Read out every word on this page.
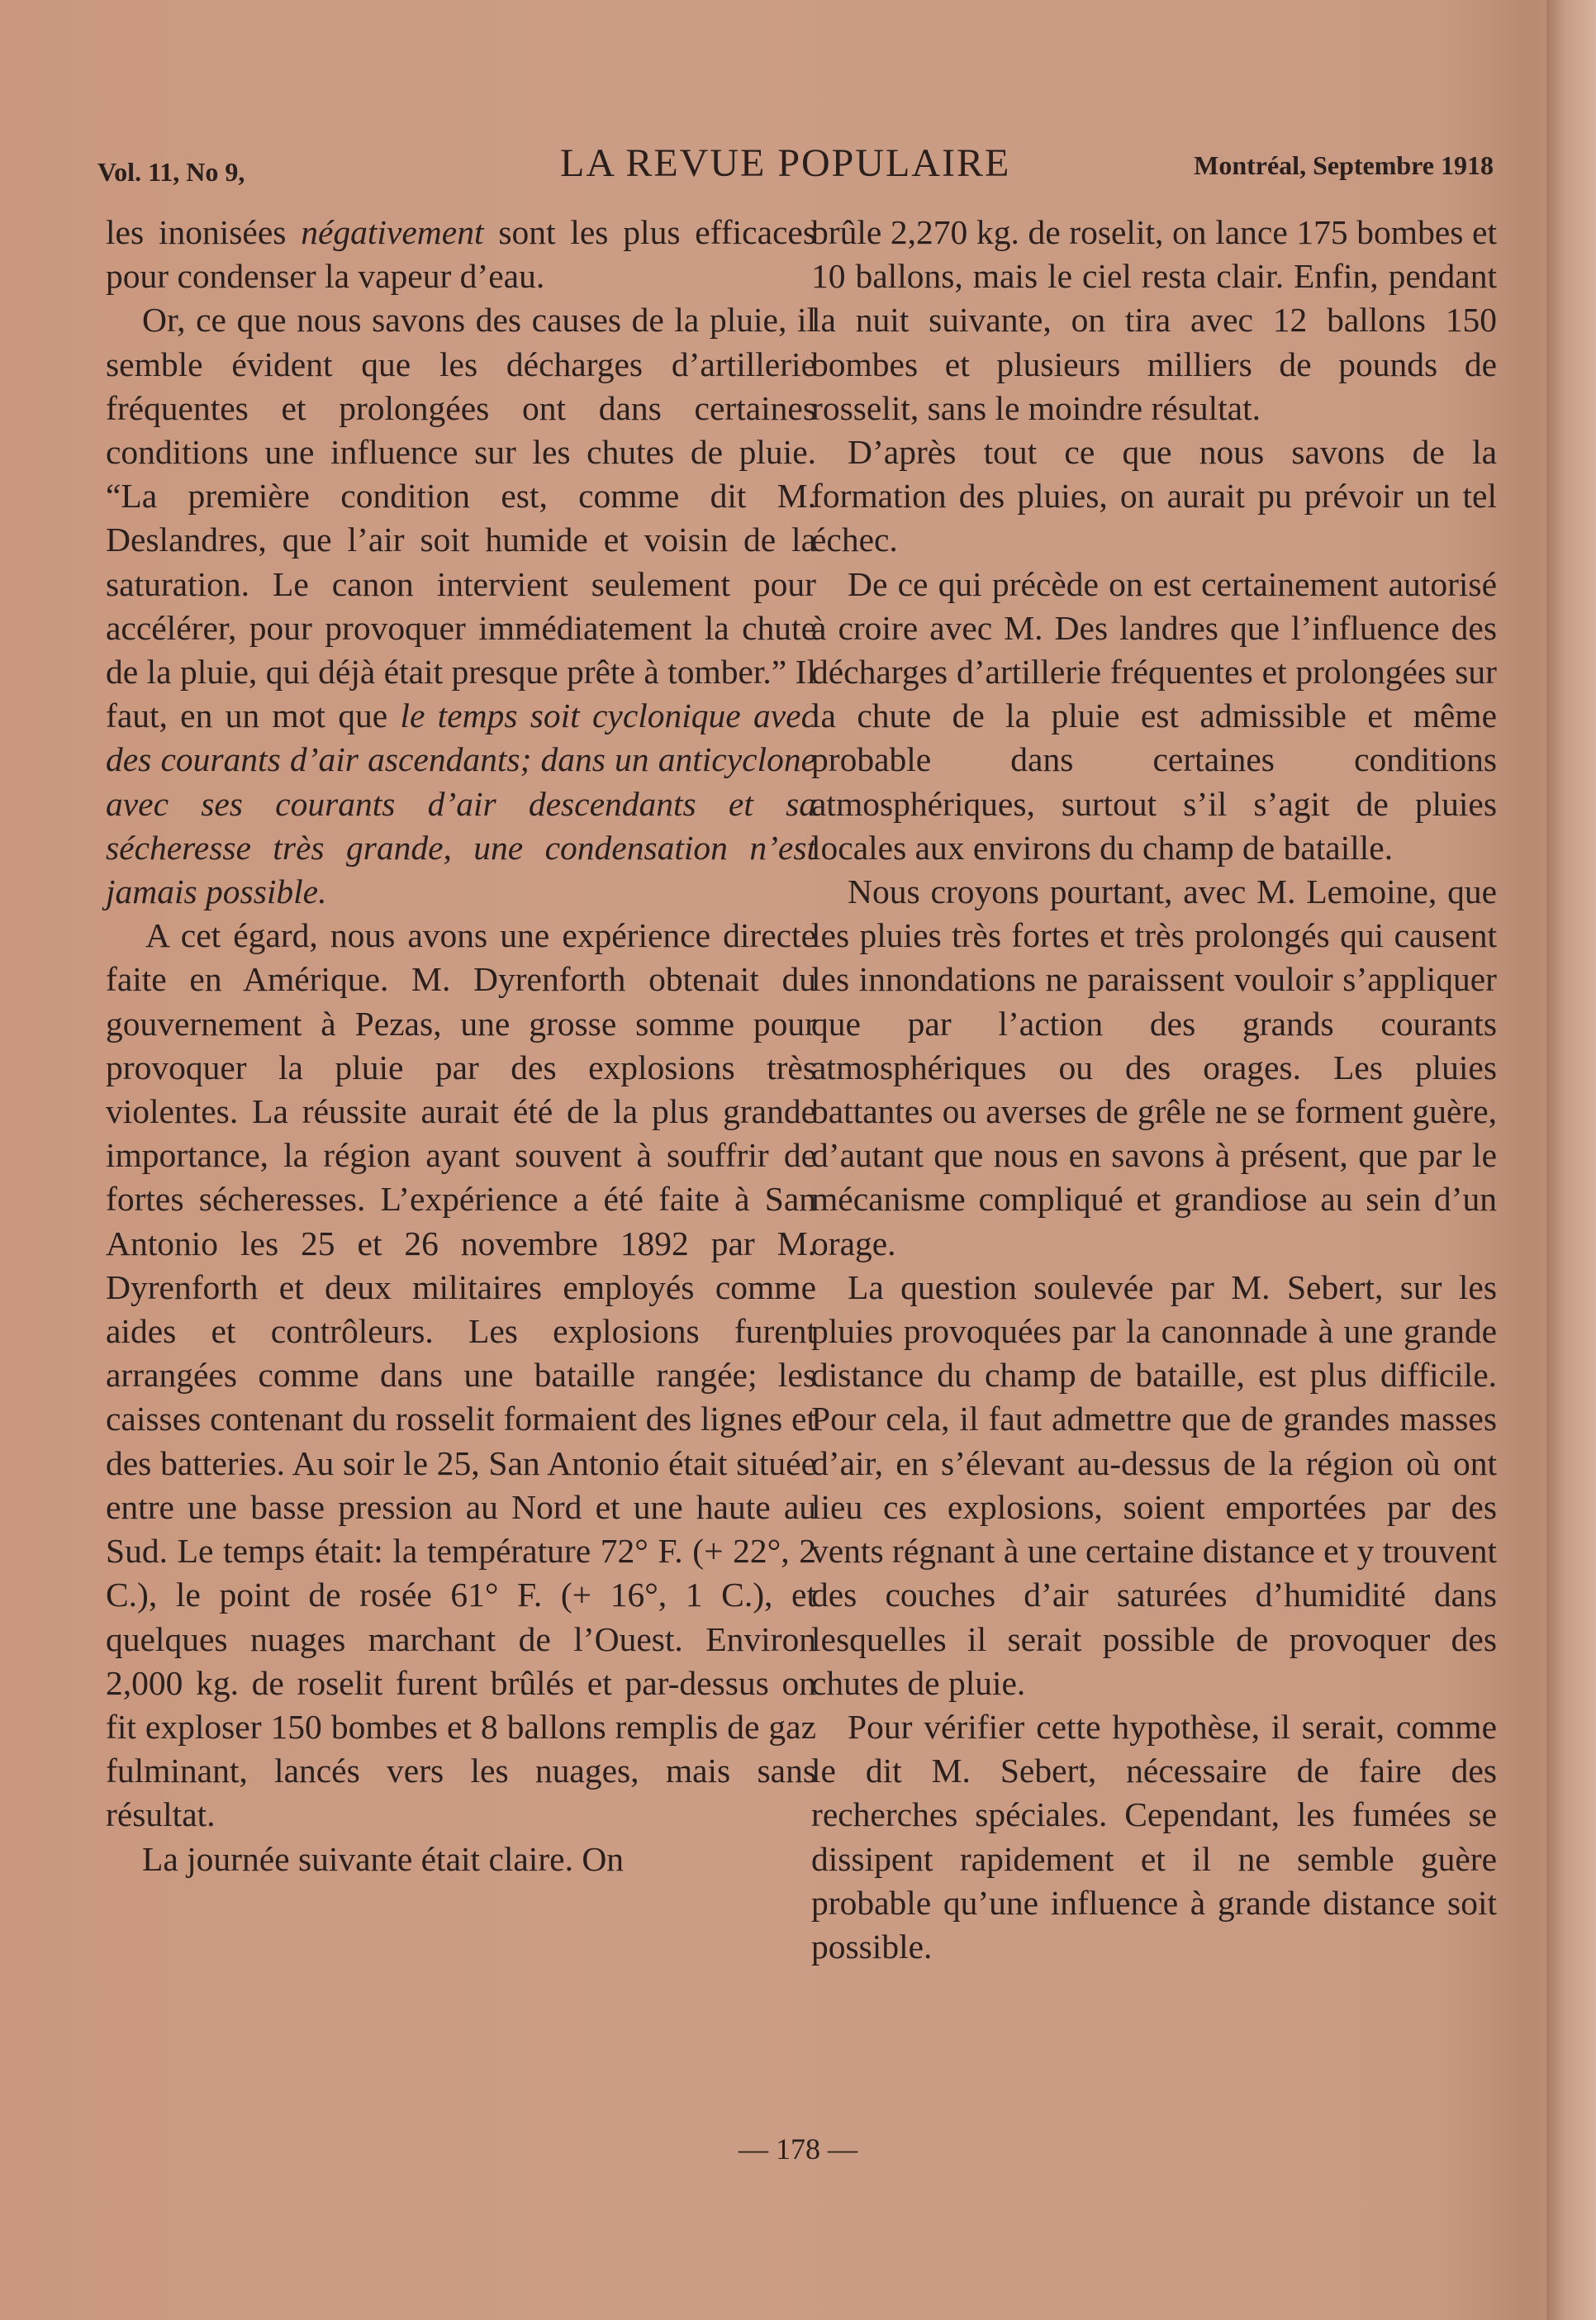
Vol. 11, No 9,	LA REVUE POPULAIRE	Montréal, Septembre 1918

les inonisées négativement sont les plus efficaces pour condenser la vapeur d’eau.

Or, ce que nous savons des causes de la pluie, il semble évident que les décharges d’artillerie fréquentes et prolongées ont dans certaines conditions une influence sur les chutes de pluie. “La première condition est, comme dit M. Deslandres, que l’air soit humide et voisin de la saturation. Le canon intervient seulement pour accélérer, pour provoquer immédiatement la chute de la pluie, qui déjà était presque prête à tomber.” Il faut, en un mot que le temps soit cyclonique avec des courants d’air ascendants; dans un anticyclone avec ses courants d’air descendants et sa sécheresse très grande, une condensation n’est jamais possible.

A cet égard, nous avons une expérience directe faite en Amérique. M. Dyrenforth obtenait du gouvernement à Pezas, une grosse somme pour provoquer la pluie par des explosions très violentes. La réussite aurait été de la plus grande importance, la région ayant souvent à souffrir de fortes sécheresses. L’expérience a été faite à San Antonio les 25 et 26 novembre 1892 par M. Dyrenforth et deux militaires employés comme aides et contrôleurs. Les explosions furent arrangées comme dans une bataille rangée; les caisses contenant du rosselit formaient des lignes et des batteries. Au soir le 25, San Antonio était située entre une basse pression au Nord et une haute au Sud. Le temps était: la température 72° F. (+ 22°, 2 C.), le point de rosée 61° F. (+ 16°, 1 C.), et quelques nuages marchant de l’Ouest. Environ 2,000 kg. de roselit furent brûlés et par-dessus on fit exploser 150 bombes et 8 ballons remplis de gaz fulminant, lancés vers les nuages, mais sans résultat.

La journée suivante était claire. On

brûle 2,270 kg. de roselit, on lance 175 bombes et 10 ballons, mais le ciel resta clair. Enfin, pendant la nuit suivante, on tira avec 12 ballons 150 bombes et plusieurs milliers de pounds de rosselit, sans le moindre résultat.

D’après tout ce que nous savons de la formation des pluies, on aurait pu prévoir un tel échec.

De ce qui précède on est certainement autorisé à croire avec M. Des landres que l’influence des décharges d’artillerie fréquentes et prolongées sur la chute de la pluie est admissible et même probable dans certaines conditions atmosphériques, surtout s’il s’agit de pluies locales aux environs du champ de bataille.

Nous croyons pourtant, avec M. Lemoine, que les pluies très fortes et très prolongés qui causent les innondations ne paraissent vouloir s’appliquer que par l’action des grands courants atmosphériques ou des orages. Les pluies battantes ou averses de grêle ne se forment guère, d’autant que nous en savons à présent, que par le mécanisme compliqué et grandiose au sein d’un orage.

La question soulevée par M. Sebert, sur les pluies provoquées par la canonnade à une grande distance du champ de bataille, est plus difficile. Pour cela, il faut admettre que de grandes masses d’air, en s’élevant au-dessus de la région où ont lieu ces explosions, soient emportées par des vents régnant à une certaine distance et y trouvent des couches d’air saturées d’humidité dans lesquelles il serait possible de provoquer des chutes de pluie.

Pour vérifier cette hypothèse, il serait, comme le dit M. Sebert, nécessaire de faire des recherches spéciales. Cependant, les fumées se dissipent rapidement et il ne semble guère probable qu’une influence à grande distance soit possible.

— 178 —
